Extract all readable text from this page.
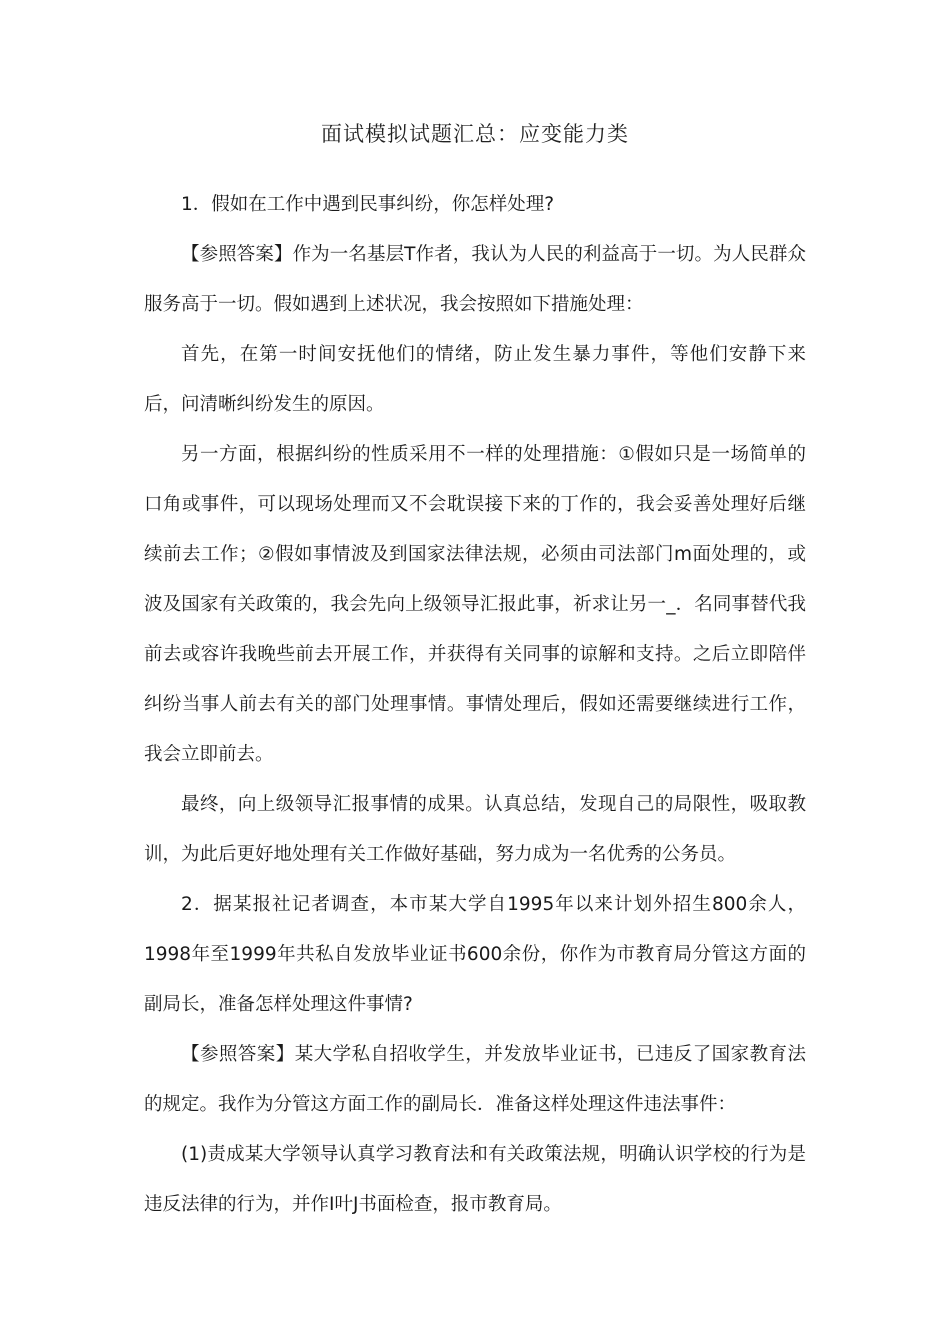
面试模拟试题汇总：应变能力类

1．假如在工作中遇到民事纠纷，你怎样处理?

【参照答案】作为一名基层T作者，我认为人民的利益高于一切。为人民群众服务高于一切。假如遇到上述状况，我会按照如下措施处理：

首先，在第一时间安抚他们的情绪，防止发生暴力事件，等他们安静下来后，问清晰纠纷发生的原因。

另一方面，根据纠纷的性质采用不一样的处理措施：①假如只是一场简单的口角或事件，可以现场处理而又不会耽误接下来的丁作的，我会妥善处理好后继续前去工作；②假如事情波及到国家法律法规，必须由司法部门m面处理的，或波及国家有关政策的，我会先向上级领导汇报此事，祈求让另一_．名同事替代我前去或容许我晚些前去开展工作，并获得有关同事的谅解和支持。之后立即陪伴纠纷当事人前去有关的部门处理事情。事情处理后，假如还需要继续进行工作，我会立即前去。

最终，向上级领导汇报事情的成果。认真总结，发现自己的局限性，吸取教训，为此后更好地处理有关工作做好基础，努力成为一名优秀的公务员。

2．据某报社记者调查，本市某大学自1995年以来计划外招生800余人，1998年至1999年共私自发放毕业证书600余份，你作为市教育局分管这方面的副局长，准备怎样处理这件事情?

【参照答案】某大学私自招收学生，并发放毕业证书，已违反了国家教育法的规定。我作为分管这方面工作的副局长．准备这样处理这件违法事件：

(1)责成某大学领导认真学习教育法和有关政策法规，明确认识学校的行为是违反法律的行为，并作I叶J书面检查，报市教育局。
